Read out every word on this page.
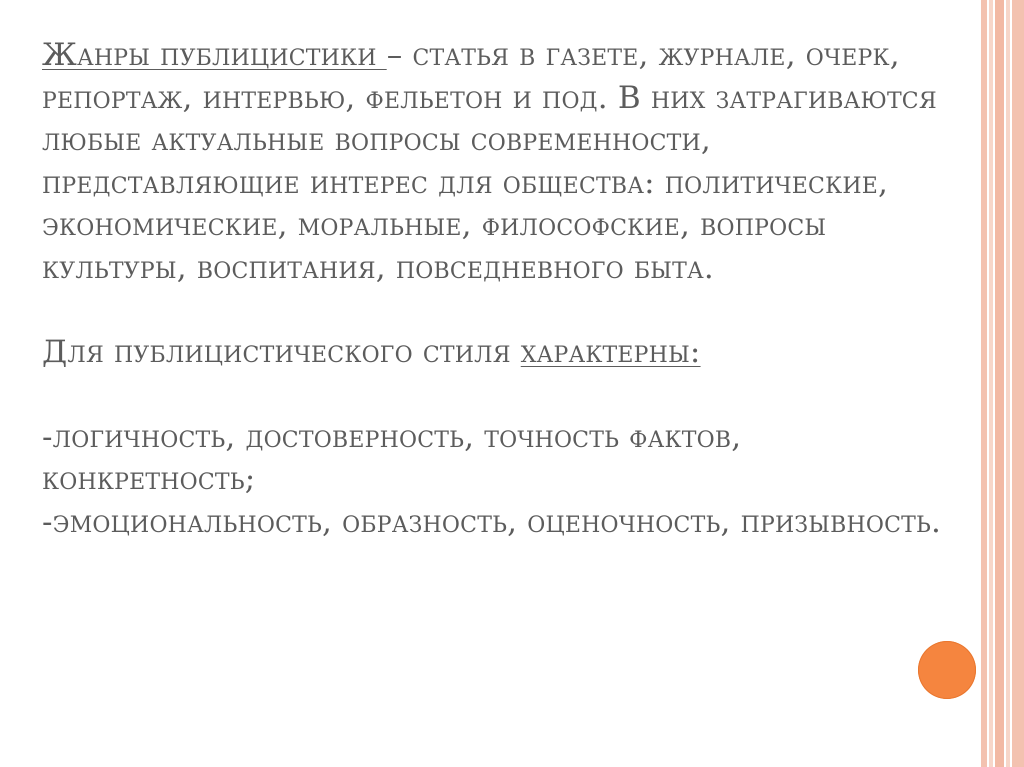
Жанры публицистики – статья в газете, журнале, очерк, репортаж, интервью, фельетон и под. В них затрагиваются любые актуальные вопросы современности, представляющие интерес для общества: политические, экономические, моральные, философские, вопросы культуры, воспитания, повседневного быта.

Для публицистического стиля характерны:

-логичность, достоверность, точность фактов, конкретность;

-эмоциональность, образность, оценочность, призывность.
